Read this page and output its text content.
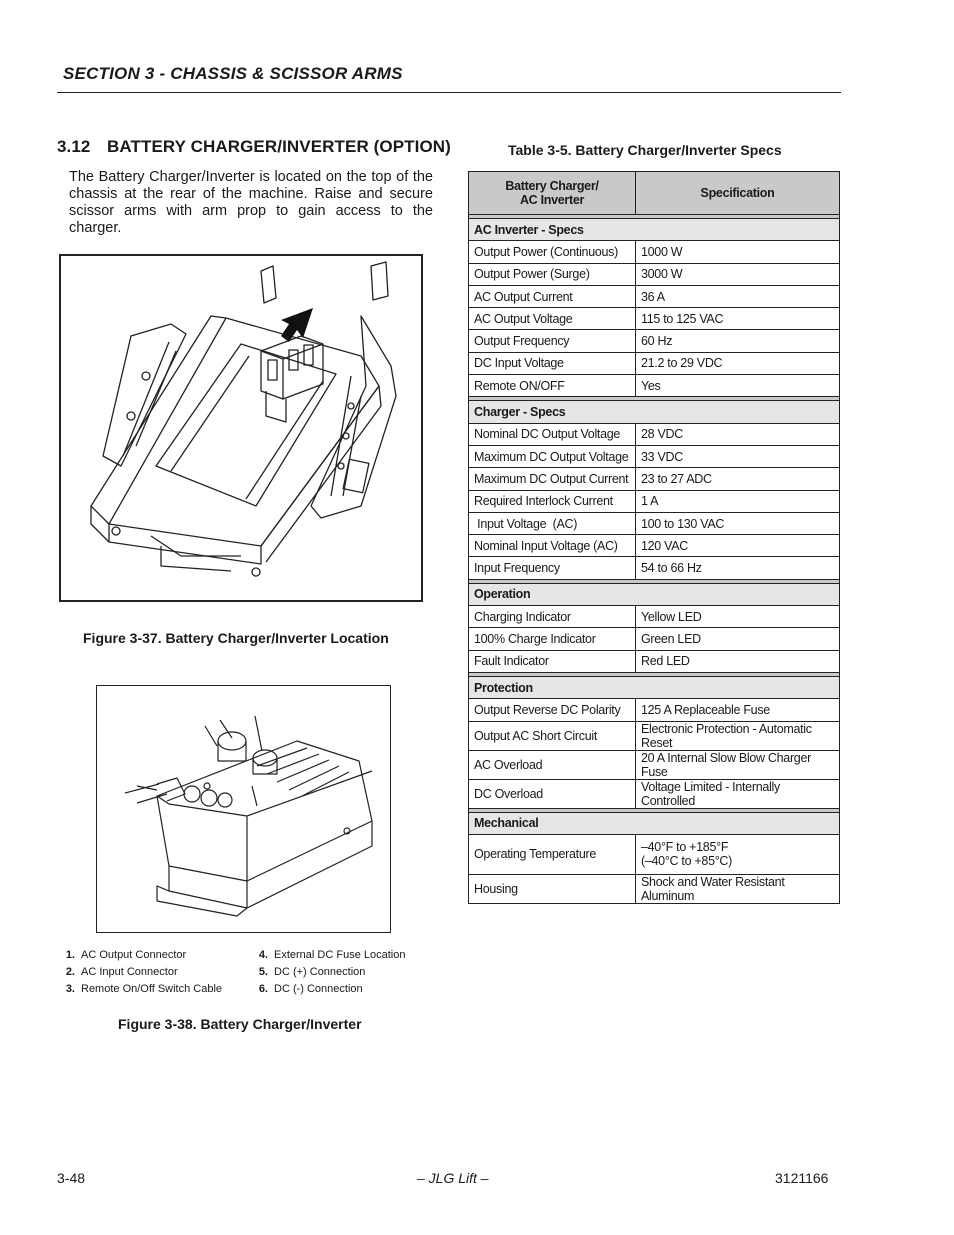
SECTION 3 - CHASSIS & SCISSOR ARMS
3.12 BATTERY CHARGER/INVERTER (OPTION)
The Battery Charger/Inverter is located on the top of the chassis at the rear of the machine. Raise and secure scissor arms with arm prop to gain access to the charger.
Figure 3-37. Battery Charger/Inverter Location
1. AC Output Connector
2. AC Input Connector
3. Remote On/Off Switch Cable
4. External DC Fuse Location
5. DC (+) Connection
6. DC (-) Connection
Figure 3-38. Battery Charger/Inverter
Table 3-5. Battery Charger/Inverter Specs
Battery Charger/
AC Inverter	Specification

AC Inverter - Specs	
Output Power (Continuous)	1000 W
Output Power (Surge)	3000 W
AC Output Current	36 A
AC Output Voltage	115 to 125 VAC
Output Frequency	60 Hz
DC Input Voltage	21.2 to 29 VDC
Remote ON/OFF	Yes

Charger - Specs	
Nominal DC Output Voltage	28 VDC
Maximum DC Output Voltage	33 VDC
Maximum DC Output Current	23 to 27 ADC
Required Interlock Current	1 A
Input Voltage  (AC)	100 to 130 VAC
Nominal Input Voltage (AC)	120 VAC
Input Frequency	54 to 66 Hz

Operation	
Charging Indicator	Yellow LED
100% Charge Indicator	Green LED
Fault Indicator	Red LED

Protection	
Output Reverse DC Polarity	125 A Replaceable Fuse
Output AC Short Circuit	Electronic Protection - Automatic Reset
AC Overload	20 A Internal Slow Blow Charger Fuse
DC Overload	Voltage Limited - Internally Controlled

Mechanical	
Operating Temperature	–40°F to +185°F
(–40°C to +85°C)
Housing	Shock and Water Resistant Aluminum
3-48	– JLG Lift –	3121166
